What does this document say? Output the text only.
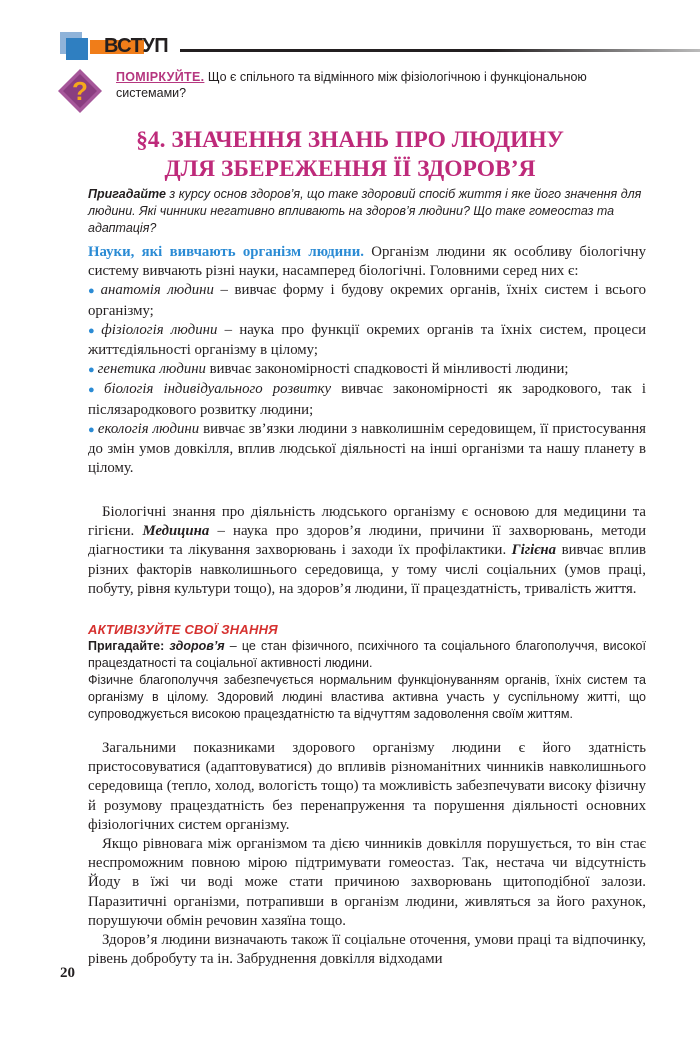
ВСТУП
? ПОМІРКУЙТЕ. Що є спільного та відмінного між фізіологічною і функціональною системами?
§4. ЗНАЧЕННЯ ЗНАНЬ ПРО ЛЮДИНУ
ДЛЯ ЗБЕРЕЖЕННЯ ЇЇ ЗДОРОВ’Я
Пригадайте з курсу основ здоров’я, що таке здоровий спосіб життя і яке його значення для людини. Які чинники негативно впливають на здоров’я людини? Що таке гомеостаз та адаптація?

Науки, які вивчають організм людини. Організм людини як особливу біологічну систему вивчають різні науки, насамперед біологічні. Головними серед них є:

● анатомія людини – вивчає форму і будову окремих органів, їхніх систем і всього організму;

● фізіологія людини – наука про функції окремих органів та їхніх систем, процеси життєдіяльності організму в цілому;

● генетика людини вивчає закономірності спадковості й мінливості людини;

● біологія індивідуального розвитку вивчає закономірності як зародкового, так і післязародкового розвитку людини;

● екологія людини вивчає зв’язки людини з навколишнім середовищем, її пристосування до змін умов довкілля, вплив людської діяльності на інші організми та нашу планету в цілому.

Біологічні знання про діяльність людського організму є основою для медицини та гігієни. Медицина – наука про здоров’я людини, причини її захворювань, методи діагностики та лікування захворювань і заходи їх профілактики. Гігієна вивчає вплив різних факторів навколишнього середовища, у тому числі соціальних (умов праці, побуту, рівня культури тощо), на здоров’я людини, її працездатність, тривалість життя.

АКТИВІЗУЙТЕ СВОЇ ЗНАННЯ

Пригадайте: здоров’я – це стан фізичного, психічного та соціального благополуччя, високої працездатності та соціальної активності людини.

Фізичне благополуччя забезпечується нормальним функціонуванням органів, їхніх систем та організму в цілому. Здоровий людині властива активна участь у суспільному житті, що супроводжується високою працездатністю та відчуттям задоволення своїм життям.

Загальними показниками здорового організму людини є його здатність пристосовуватися (адаптовуватися) до впливів різноманітних чинників навколишнього середовища (тепло, холод, вологість тощо) та можливість забезпечувати високу фізичну й розумову працездатність без перенапруження та порушення діяльності основних фізіологічних систем організму.

Якщо рівновага між організмом та дією чинників довкілля порушується, то він стає неспроможним повною мірою підтримувати гомеостаз. Так, нестача чи відсутність Йоду в їжі чи воді може стати причиною захворювань щитоподібної залози. Паразитичні організми, потрапивши в організм людини, живляться за його рахунок, порушуючи обмін речовин хазяїна тощо.

Здоров’я людини визначають також її соціальне оточення, умови праці та відпочинку, рівень добробуту та ін. Забруднення довкілля відходами

20
